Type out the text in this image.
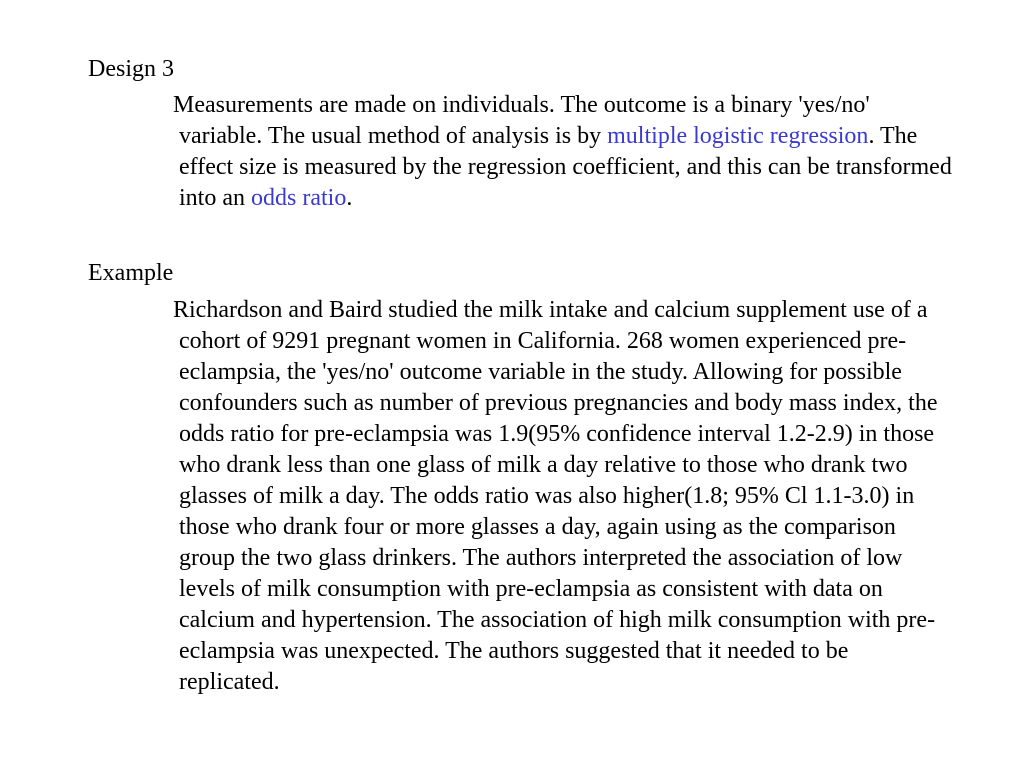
Design 3

Measurements are made on individuals. The outcome is a binary 'yes/no' variable. The usual method of analysis is by multiple logistic regression. The effect size is measured by the regression coefficient, and this can be transformed into an odds ratio.

Example

Richardson and Baird studied the milk intake and calcium supplement use of a cohort of 9291 pregnant women in California. 268 women experienced pre-eclampsia, the 'yes/no' outcome variable in the study. Allowing for possible confounders such as number of previous pregnancies and body mass index, the odds ratio for pre-eclampsia was 1.9(95% confidence interval 1.2-2.9) in those who drank less than one glass of milk a day relative to those who drank two glasses of milk a day. The odds ratio was also higher(1.8; 95% Cl 1.1-3.0) in those who drank four or more glasses a day, again using as the comparison group the two glass drinkers. The authors interpreted the association of low levels of milk consumption with pre-eclampsia as consistent with data on calcium and hypertension. The association of high milk consumption with pre-eclampsia was unexpected. The authors suggested that it needed to be replicated.
